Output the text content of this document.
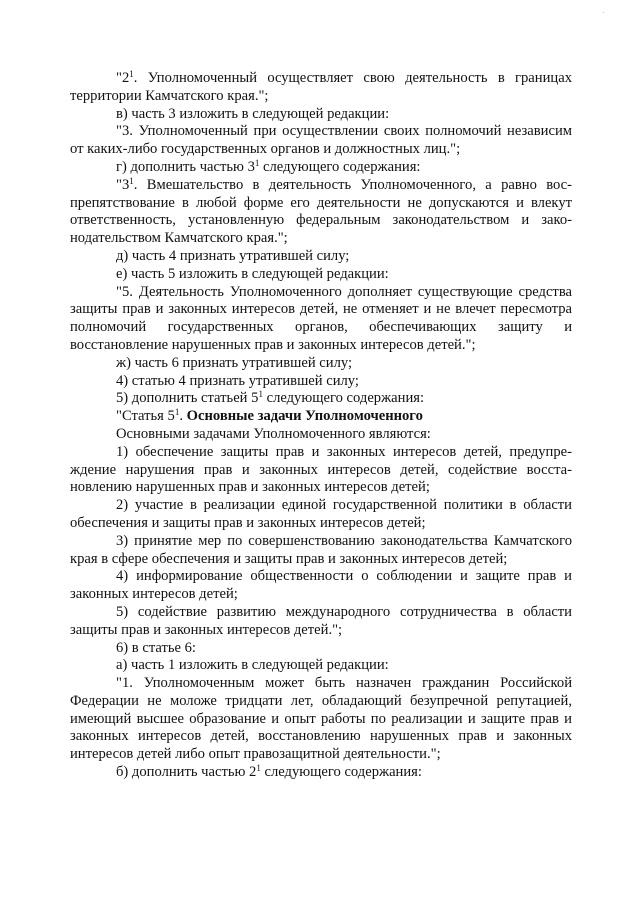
·

"$2^1$. Уполномоченный осуществляет свою деятельность в границах территории Камчатского края.";

в) часть 3 изложить в следующей редакции:

"3. Уполномоченный при осуществлении своих полномочий независим от каких-либо государственных органов и должностных лиц.";

г) дополнить частью $3^1$ следующего содержания:

"$3^1$. Вмешательство в деятельность Уполномоченного, а равно воспрепятствование в любой форме его деятельности не допускаются и влекут ответственность, установленную федеральным законодательством и законодательством Камчатского края.";

д) часть 4 признать утратившей силу;

е) часть 5 изложить в следующей редакции:

"5. Деятельность Уполномоченного дополняет существующие средства защиты прав и законных интересов детей, не отменяет и не влечет пересмотра полномочий государственных органов, обеспечивающих защиту и восстановление нарушенных прав и законных интересов детей.";

ж) часть 6 признать утратившей силу;

4) статью 4 признать утратившей силу;

5) дополнить статьей $5^1$ следующего содержания:

"Статья $5^1$. Основные задачи Уполномоченного

Основными задачами Уполномоченного являются:

1) обеспечение защиты прав и законных интересов детей, предупреждение нарушения прав и законных интересов детей, содействие восстановлению нарушенных прав и законных интересов детей;

2) участие в реализации единой государственной политики в области обеспечения и защиты прав и законных интересов детей;

3) принятие мер по совершенствованию законодательства Камчатского края в сфере обеспечения и защиты прав и законных интересов детей;

4) информирование общественности о соблюдении и защите прав и законных интересов детей;

5) содействие развитию международного сотрудничества в области защиты прав и законных интересов детей.";

6) в статье 6:

а) часть 1 изложить в следующей редакции:

"1. Уполномоченным может быть назначен гражданин Российской Федерации не моложе тридцати лет, обладающий безупречной репутацией, имеющий высшее образование и опыт работы по реализации и защите прав и законных интересов детей, восстановлению нарушенных прав и законных интересов детей либо опыт правозащитной деятельности.";

б) дополнить частью $2^1$ следующего содержания:
